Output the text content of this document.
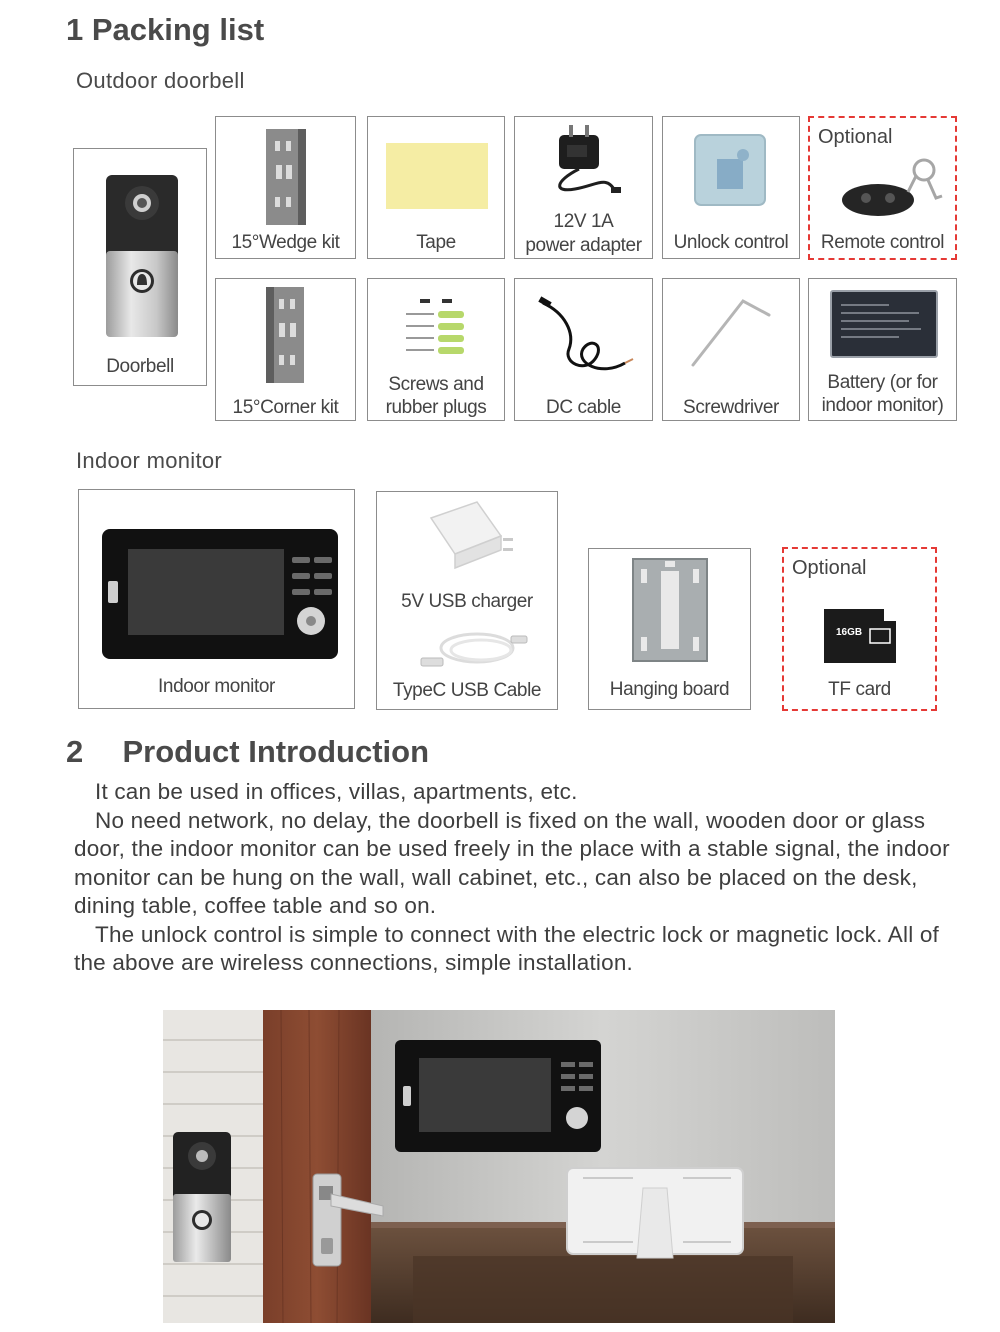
1 Packing list
Outdoor doorbell
Doorbell
15°Wedge kit	Tape
12V 1A
power adapter	Unlock control
Optional
Remote control
15°Corner kit
Screws and
rubber plugs	DC cable	Screwdriver
Battery (or for
indoor monitor)
Indoor monitor
Indoor monitor
5V USB charger
TypeC USB Cable	Hanging board
Optional
16GB
TF card
2 Product Introduction

It can be used in offices, villas, apartments, etc.

No need network, no delay, the doorbell is fixed on the wall, wooden door or glass door, the indoor monitor can be used freely in the place with a stable signal, the indoor monitor can be hung on the wall, wall cabinet, etc., can also be placed on the desk, dining table, coffee table and so on.

The unlock control is simple to connect with the electric lock or magnetic lock. All of the above are wireless connections, simple installation.
